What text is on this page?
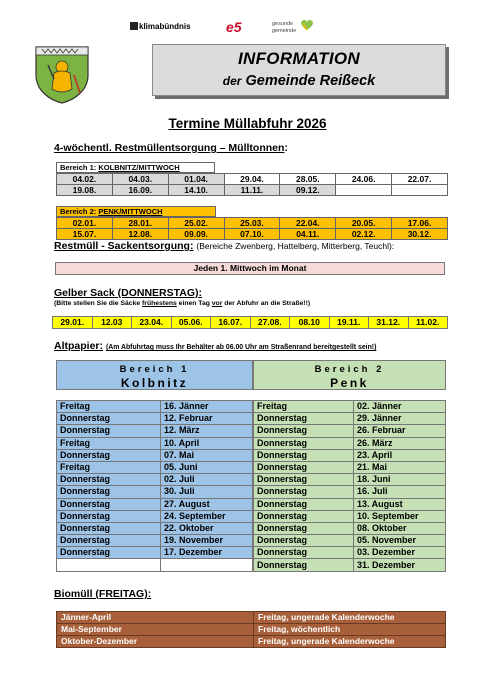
klimabündnis	e5	gesunde
gemeinde
INFORMATION
der Gemeinde Reißeck
Termine Müllabfuhr 2026
4-wöchentl. Restmüllentsorgung – Mülltonnen:
Bereich 1: KOLBNITZ/MITTWOCH
04.02.	04.03.	01.04.	29.04.	28.05.	24.06.	22.07.
19.08.	16.09.	14.10.	11.11.	09.12.		
Bereich 2: PENK/MITTWOCH
02.01.	28.01.	25.02.	25.03.	22.04.	20.05.	17.06.
15.07.	12.08.	09.09.	07.10.	04.11.	02.12.	30.12.
Restmüll - Sackentsorgung: (Bereiche Zwenberg, Hattelberg, Mitterberg, Teuchl):
Jeden 1. Mittwoch im Monat
Gelber Sack (DONNERSTAG):
(Bitte stellen Sie die Säcke frühestens einen Tag vor der Abfuhr an die Straße!!)
29.01.	12.03	23.04.	05.06.	16.07.	27.08.	08.10	19.11.	31.12.	11.02.
Altpapier: (Am Abfuhrtag muss Ihr Behälter ab 06.00 Uhr am Straßenrand bereitgestellt sein!)
Bereich 1
Kolbnitz
Bereich 2
Penk
Freitag	16. Jänner
Donnerstag	12. Februar
Donnerstag	12. März
Freitag	10. April
Donnerstag	07. Mai
Freitag	05. Juni
Donnerstag	02. Juli
Donnerstag	30. Juli
Donnerstag	27. August
Donnerstag	24. September
Donnerstag	22. Oktober
Donnerstag	19. November
Donnerstag	17. Dezember

Freitag	02. Jänner
Donnerstag	29. Jänner
Donnerstag	26. Februar
Donnerstag	26. März
Donnerstag	23. April
Donnerstag	21. Mai
Donnerstag	18. Juni
Donnerstag	16. Juli
Donnerstag	13. August
Donnerstag	10. September
Donnerstag	08. Oktober
Donnerstag	05. November
Donnerstag	03. Dezember
Donnerstag	31. Dezember
Biomüll (FREITAG):
Jänner-April	Freitag, ungerade Kalenderwoche
Mai-September	Freitag, wöchentlich
Oktober-Dezember	Freitag, ungerade Kalenderwoche
